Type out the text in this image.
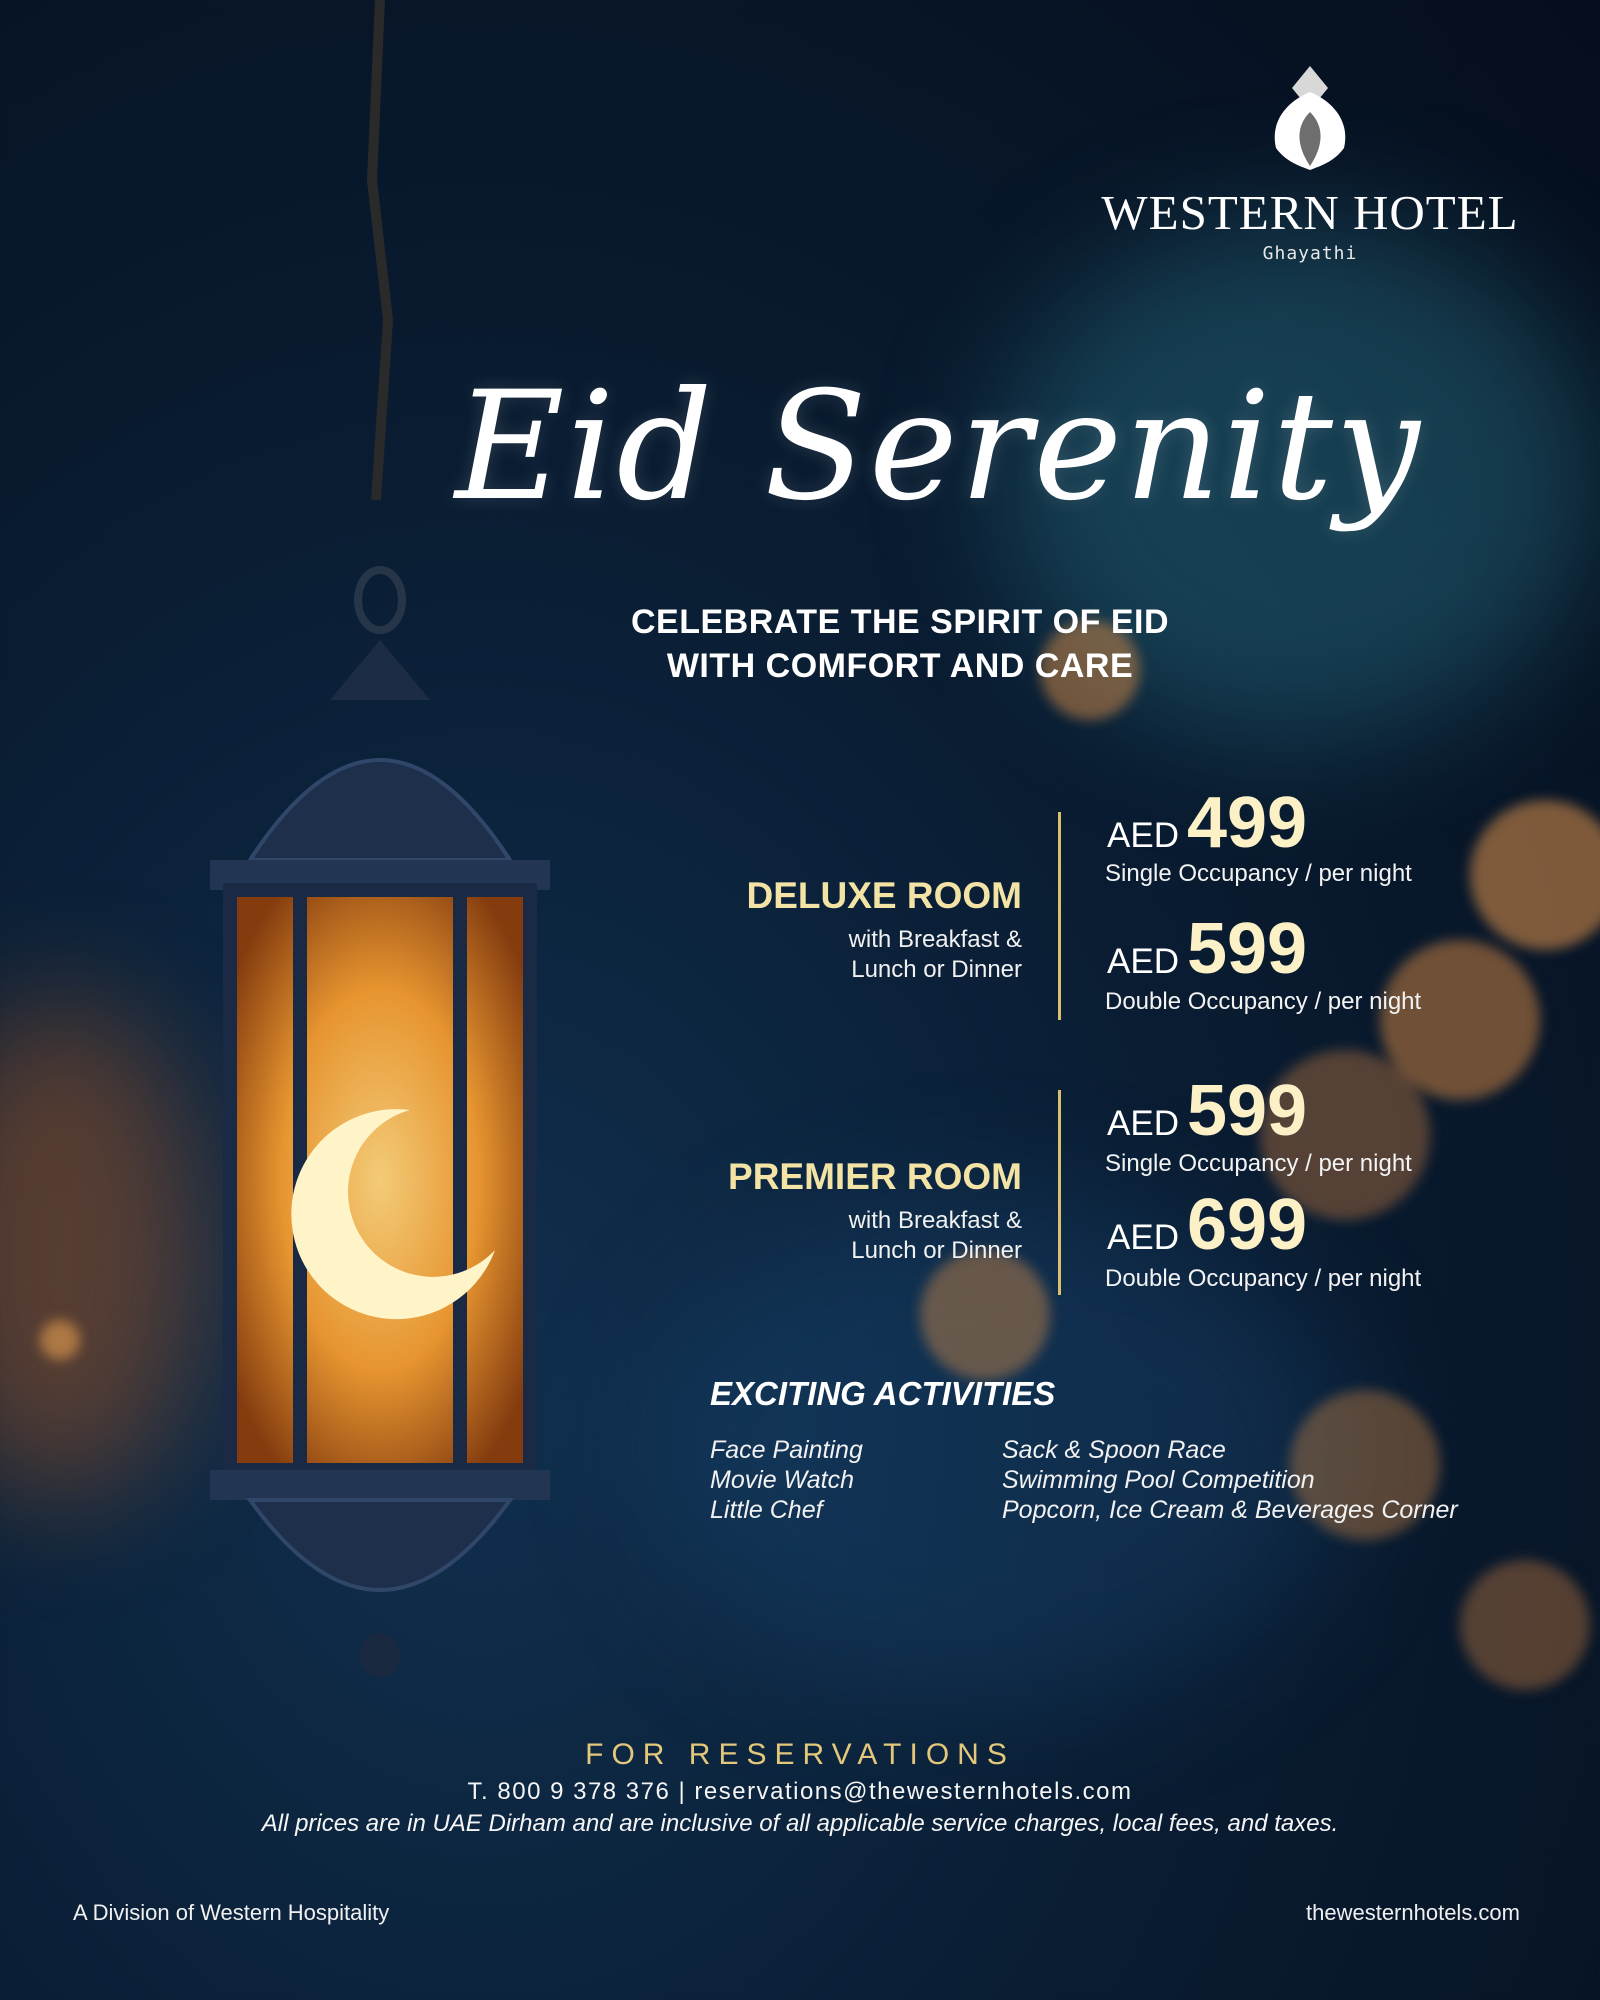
WESTERN HOTEL
Ghayathi
Eid Serenity
CELEBRATE THE SPIRIT OF EID
WITH COMFORT AND CARE
DELUXE ROOM
with Breakfast &
Lunch or Dinner
AED 499
Single Occupancy / per night
AED 599
Double Occupancy / per night
PREMIER ROOM
with Breakfast &
Lunch or Dinner
AED 599
Single Occupancy / per night
AED 699
Double Occupancy / per night
EXCITING ACTIVITIES
Face Painting
Movie Watch
Little Chef
Sack & Spoon Race
Swimming Pool Competition
Popcorn, Ice Cream & Beverages Corner
FOR RESERVATIONS
T. 800 9 378 376 | reservations@thewesternhotels.com
All prices are in UAE Dirham and are inclusive of all applicable service charges, local fees, and taxes.
A Division of Western Hospitality	thewesternhotels.com
